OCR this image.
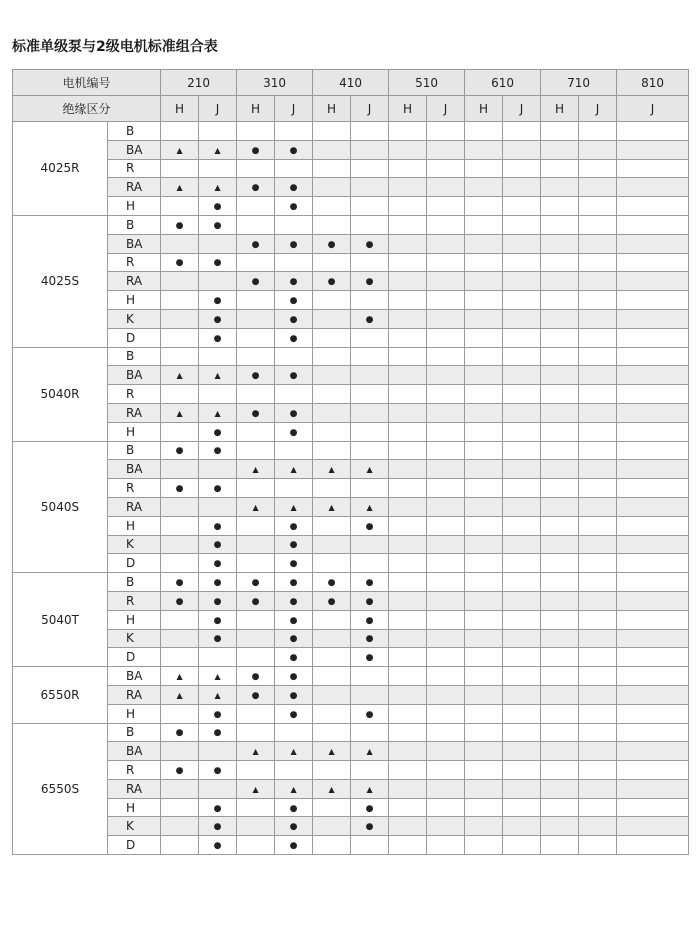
标准单级泵与2级电机标准组合表
电机编号		210		310		410		510		610		710		810
绝缘区分		H	J	H	J	H	J	H	J	H	J	H	J	J
4025R	B													
	BA	▲	▲	●	●									
	R													
	RA	▲	▲	●	●									
	H		●		●									
4025S	B	●	●											
	BA			●	●	●	●							
	R	●	●											
	RA			●	●	●	●							
	H		●		●									
	K		●		●		●							
	D		●		●									
5040R	B													
	BA	▲	▲	●	●									
	R													
	RA	▲	▲	●	●									
	H		●		●									
5040S	B	●	●											
	BA			▲	▲	▲	▲							
	R	●	●											
	RA			▲	▲	▲	▲							
	H		●		●		●							
	K		●		●									
	D		●		●									
5040T	B	●	●	●	●	●	●							
	R	●	●	●	●	●	●							
	H		●		●		●							
	K		●		●		●							
	D				●		●							
6550R	BA	▲	▲	●	●									
	RA	▲	▲	●	●									
	H		●		●		●							
6550S	B	●	●											
	BA			▲	▲	▲	▲							
	R	●	●											
	RA			▲	▲	▲	▲							
	H		●		●		●							
	K		●		●		●							
	D		●		●									
